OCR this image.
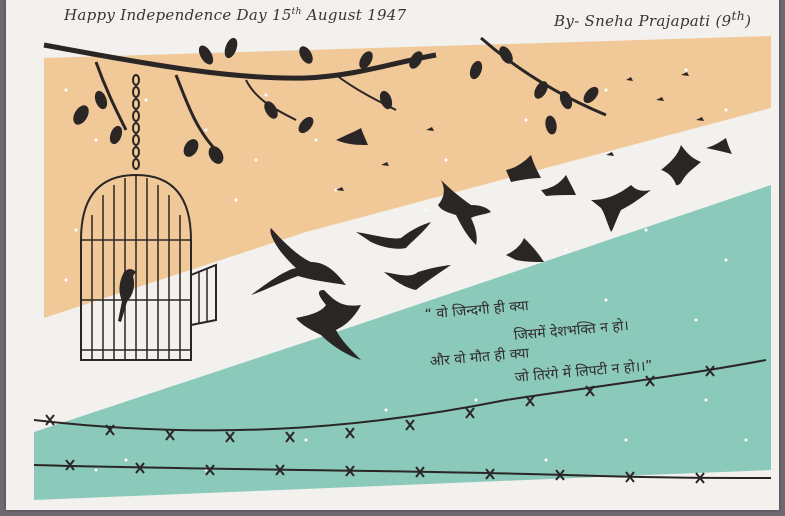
Happy Independence Day 15th August 1947	By- Sneha Prajapati (9th)
“ वो जिन्दगी ही क्या
जिसमें देशभक्ति न हो।
और वो मौत ही क्या
जो तिरंगे में लिपटी न हो।।”
